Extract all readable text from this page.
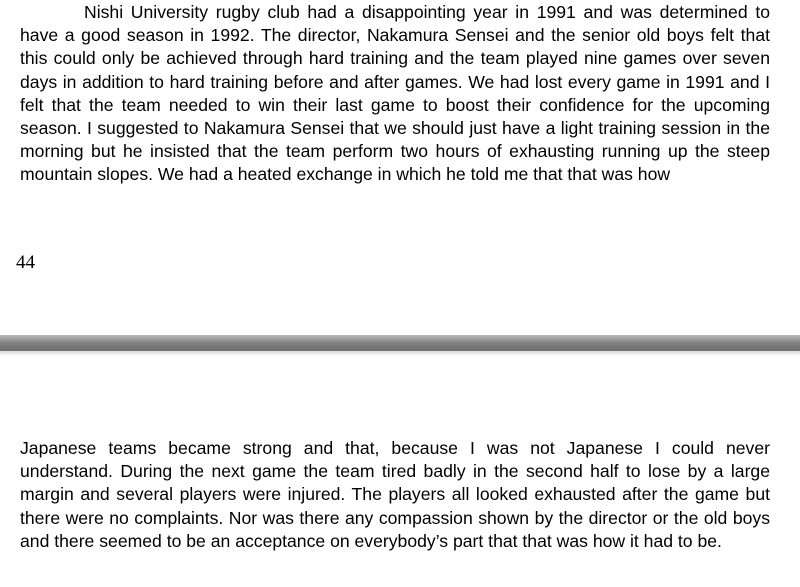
Nishi University rugby club had a disappointing year in 1991 and was determined to have a good season in 1992. The director, Nakamura Sensei and the senior old boys felt that this could only be achieved through hard training and the team played nine games over seven days in addition to hard training before and after games. We had lost every game in 1991 and I felt that the team needed to win their last game to boost their confidence for the upcoming season. I suggested to Nakamura Sensei that we should just have a light training session in the morning but he insisted that the team perform two hours of exhausting running up the steep mountain slopes. We had a heated exchange in which he told me that that was how

44

Japanese teams became strong and that, because I was not Japanese I could never understand. During the next game the team tired badly in the second half to lose by a large margin and several players were injured. The players all looked exhausted after the game but there were no complaints. Nor was there any compassion shown by the director or the old boys and there seemed to be an acceptance on everybody’s part that that was how it had to be.
